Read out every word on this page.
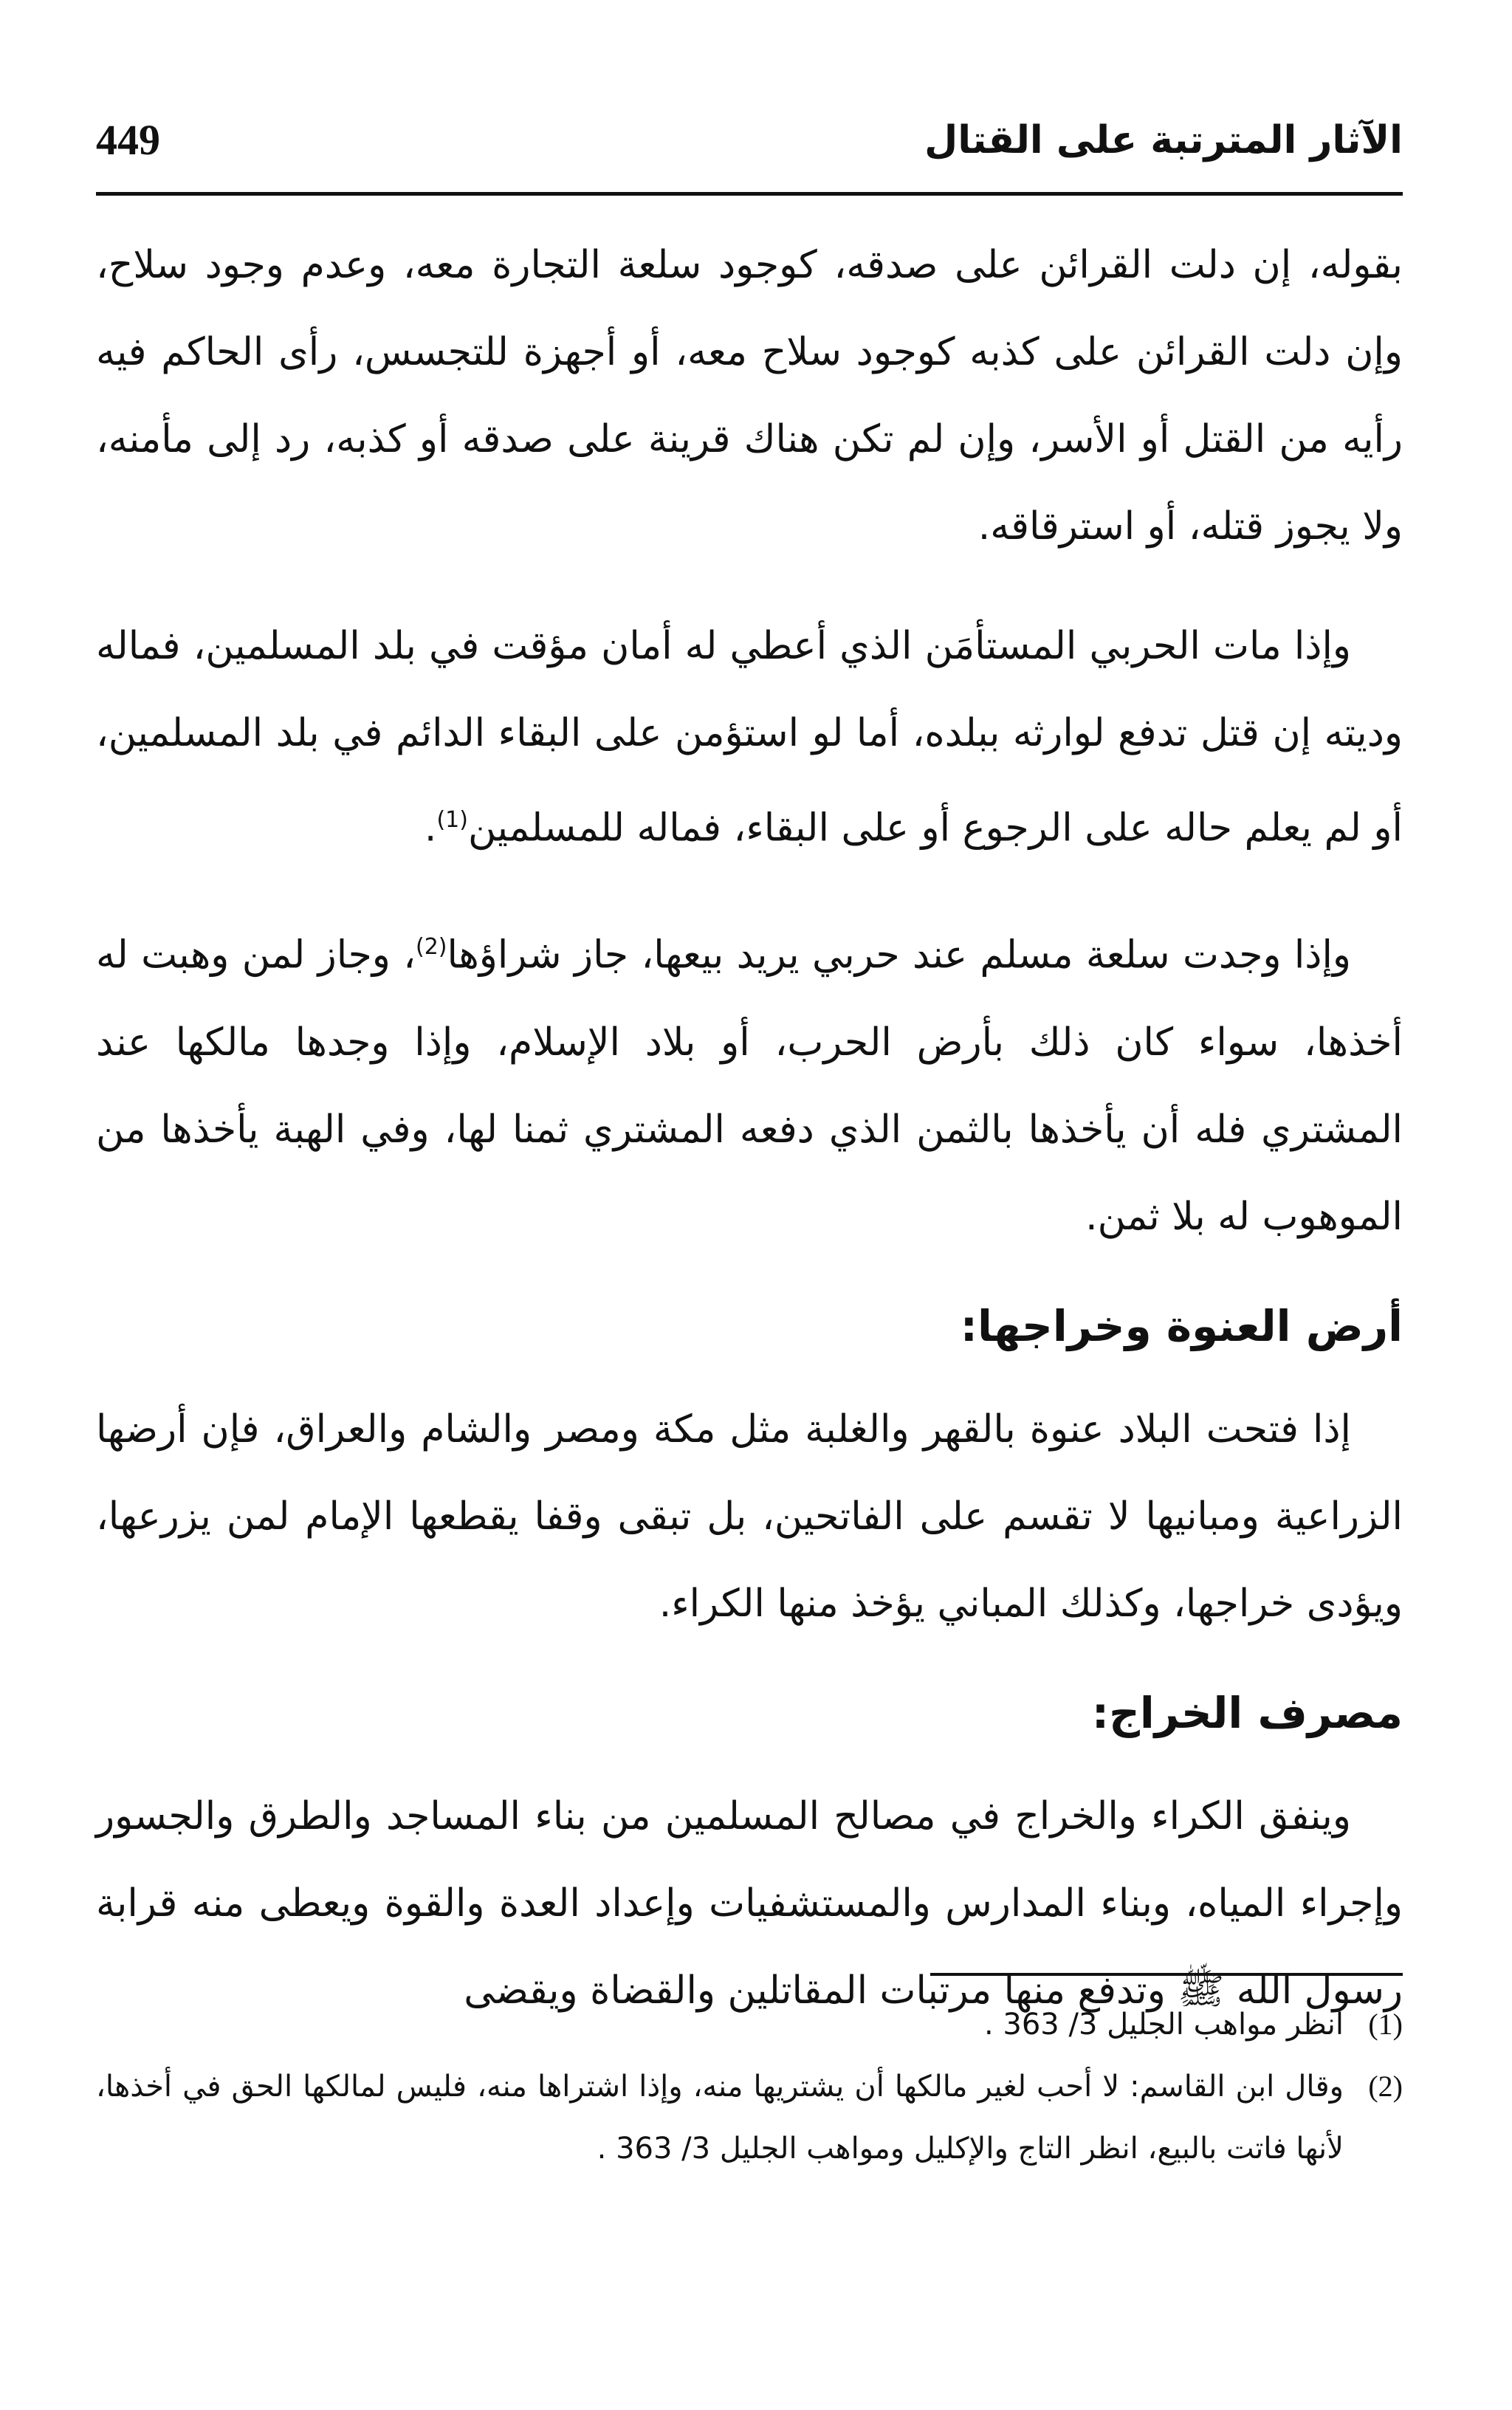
449	الآثار المترتبة على القتال

بقوله، إن دلت القرائن على صدقه، كوجود سلعة التجارة معه، وعدم وجود سلاح، وإن دلت القرائن على كذبه كوجود سلاح معه، أو أجهزة للتجسس، رأى الحاكم فيه رأيه من القتل أو الأسر، وإن لم تكن هناك قرينة على صدقه أو كذبه، رد إلى مأمنه، ولا يجوز قتله، أو استرقاقه.

وإذا مات الحربي المستأمَن الذي أعطي له أمان مؤقت في بلد المسلمين، فماله وديته إن قتل تدفع لوارثه ببلده، أما لو استؤمن على البقاء الدائم في بلد المسلمين، أو لم يعلم حاله على الرجوع أو على البقاء، فماله للمسلمين$^{(1)}$.

وإذا وجدت سلعة مسلم عند حربي يريد بيعها، جاز شراؤها$^{(2)}$، وجاز لمن وهبت له أخذها، سواء كان ذلك بأرض الحرب، أو بلاد الإسلام، وإذا وجدها مالكها عند المشتري فله أن يأخذها بالثمن الذي دفعه المشتري ثمنا لها، وفي الهبة يأخذها من الموهوب له بلا ثمن.

أرض العنوة وخراجها:

إذا فتحت البلاد عنوة بالقهر والغلبة مثل مكة ومصر والشام والعراق، فإن أرضها الزراعية ومبانيها لا تقسم على الفاتحين، بل تبقى وقفا يقطعها الإمام لمن يزرعها، ويؤدى خراجها، وكذلك المباني يؤخذ منها الكراء.

مصرف الخراج:

وينفق الكراء والخراج في مصالح المسلمين من بناء المساجد والطرق والجسور وإجراء المياه، وبناء المدارس والمستشفيات وإعداد العدة والقوة ويعطى منه قرابة رسول الله ﷺ وتدفع منها مرتبات المقاتلين والقضاة ويقضى

(1)
انظر مواهب الجليل 3/ 363 .
(2)
وقال ابن القاسم: لا أحب لغير مالكها أن يشتريها منه، وإذا اشتراها منه، فليس لمالكها الحق في أخذها، لأنها فاتت بالبيع، انظر التاج والإكليل ومواهب الجليل 3/ 363 .
